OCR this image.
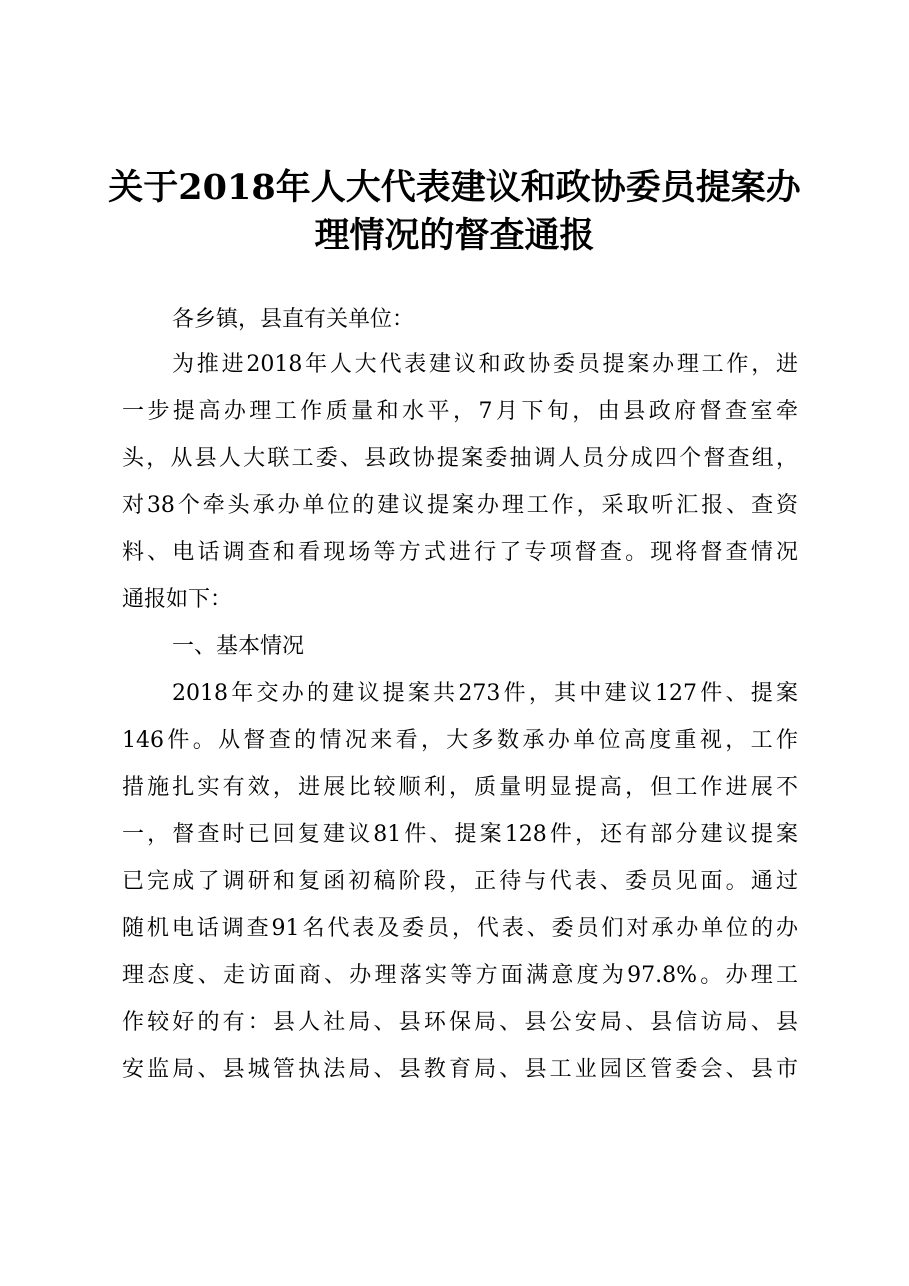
关于2018年人大代表建议和政协委员提案办
理情况的督查通报
各乡镇，县直有关单位：
为推进2018年人大代表建议和政协委员提案办理工作，进
一步提高办理工作质量和水平，7月下旬，由县政府督查室牵
头，从县人大联工委、县政协提案委抽调人员分成四个督查组，
对38个牵头承办单位的建议提案办理工作，采取听汇报、查资
料、电话调查和看现场等方式进行了专项督查。现将督查情况
通报如下：
一、基本情况
2018年交办的建议提案共273件，其中建议127件、提案
146件。从督查的情况来看，大多数承办单位高度重视，工作
措施扎实有效，进展比较顺利，质量明显提高，但工作进展不
一，督查时已回复建议81件、提案128件，还有部分建议提案
已完成了调研和复函初稿阶段，正待与代表、委员见面。通过
随机电话调查91名代表及委员，代表、委员们对承办单位的办
理态度、走访面商、办理落实等方面满意度为97.8%。办理工
作较好的有：县人社局、县环保局、县公安局、县信访局、县
安监局、县城管执法局、县教育局、县工业园区管委会、县市
